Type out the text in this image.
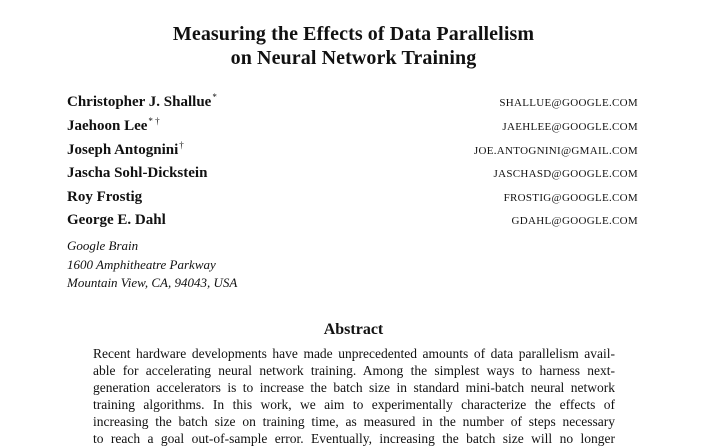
Measuring the Effects of Data Parallelism
on Neural Network Training
Christopher J. Shallue*	SHALLUE@GOOGLE.COM
Jaehoon Lee* †	JAEHLEE@GOOGLE.COM
Joseph Antognini†	JOE.ANTOGNINI@GMAIL.COM
Jascha Sohl-Dickstein	JASCHASD@GOOGLE.COM
Roy Frostig	FROSTIG@GOOGLE.COM
George E. Dahl	GDAHL@GOOGLE.COM
Google Brain
1600 Amphitheatre Parkway
Mountain View, CA, 94043, USA
Abstract
Recent hardware developments have made unprecedented amounts of data parallelism avail-
able for accelerating neural network training. Among the simplest ways to harness next-
generation accelerators is to increase the batch size in standard mini-batch neural network
training algorithms. In this work, we aim to experimentally characterize the effects of
increasing the batch size on training time, as measured in the number of steps necessary
to reach a goal out-of-sample error. Eventually, increasing the batch size will no longer
